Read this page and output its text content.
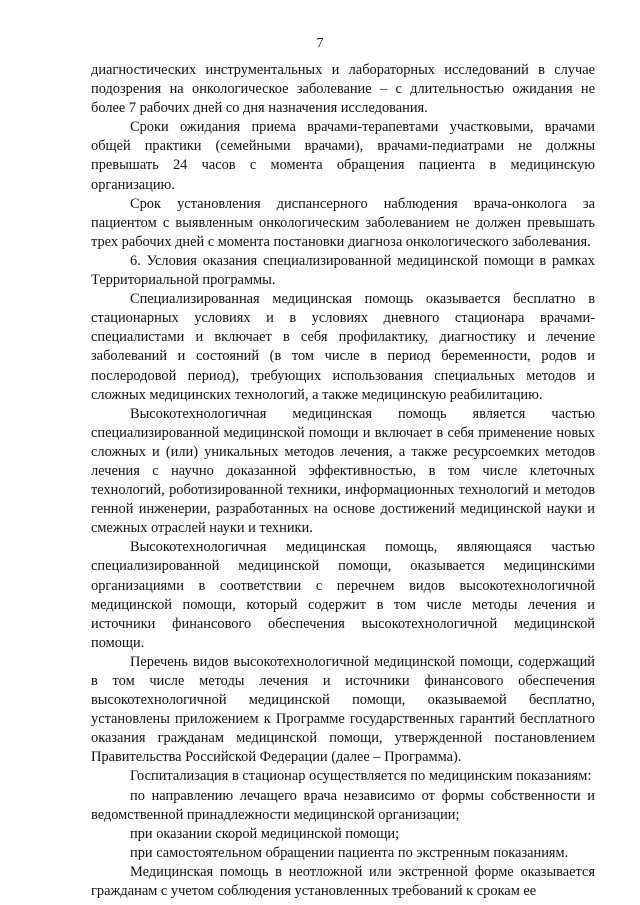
7

диагностических инструментальных и лабораторных исследований в случае подозрения на онкологическое заболевание – с длительностью ожидания не более 7 рабочих дней со дня назначения исследования.

Сроки ожидания приема врачами-терапевтами участковыми, врачами общей практики (семейными врачами), врачами-педиатрами не должны превышать 24 часов с момента обращения пациента в медицинскую организацию.

Срок установления диспансерного наблюдения врача-онколога за пациентом с выявленным онкологическим заболеванием не должен превышать трех рабочих дней с момента постановки диагноза онкологического заболевания.

6. Условия оказания специализированной медицинской помощи в рамках Территориальной программы.

Специализированная медицинская помощь оказывается бесплатно в стационарных условиях и в условиях дневного стационара врачами-специалистами и включает в себя профилактику, диагностику и лечение заболеваний и состояний (в том числе в период беременности, родов и послеродовой период), требующих использования специальных методов и сложных медицинских технологий, а также медицинскую реабилитацию.

Высокотехнологичная медицинская помощь является частью специализированной медицинской помощи и включает в себя применение новых сложных и (или) уникальных методов лечения, а также ресурсоемких методов лечения с научно доказанной эффективностью, в том числе клеточных технологий, роботизированной техники, информационных технологий и методов генной инженерии, разработанных на основе достижений медицинской науки и смежных отраслей науки и техники.

Высокотехнологичная медицинская помощь, являющаяся частью специализированной медицинской помощи, оказывается медицинскими организациями в соответствии с перечнем видов высокотехнологичной медицинской помощи, который содержит в том числе методы лечения и источники финансового обеспечения высокотехнологичной медицинской помощи.

Перечень видов высокотехнологичной медицинской помощи, содержащий в том числе методы лечения и источники финансового обеспечения высокотехнологичной медицинской помощи, оказываемой бесплатно, установлены приложением к Программе государственных гарантий бесплатного оказания гражданам медицинской помощи, утвержденной постановлением Правительства Российской Федерации (далее – Программа).

Госпитализация в стационар осуществляется по медицинским показаниям:

по направлению лечащего врача независимо от формы собственности и ведомственной принадлежности медицинской организации;

при оказании скорой медицинской помощи;

при самостоятельном обращении пациента по экстренным показаниям.

Медицинская помощь в неотложной или экстренной форме оказывается гражданам с учетом соблюдения установленных требований к срокам ее
